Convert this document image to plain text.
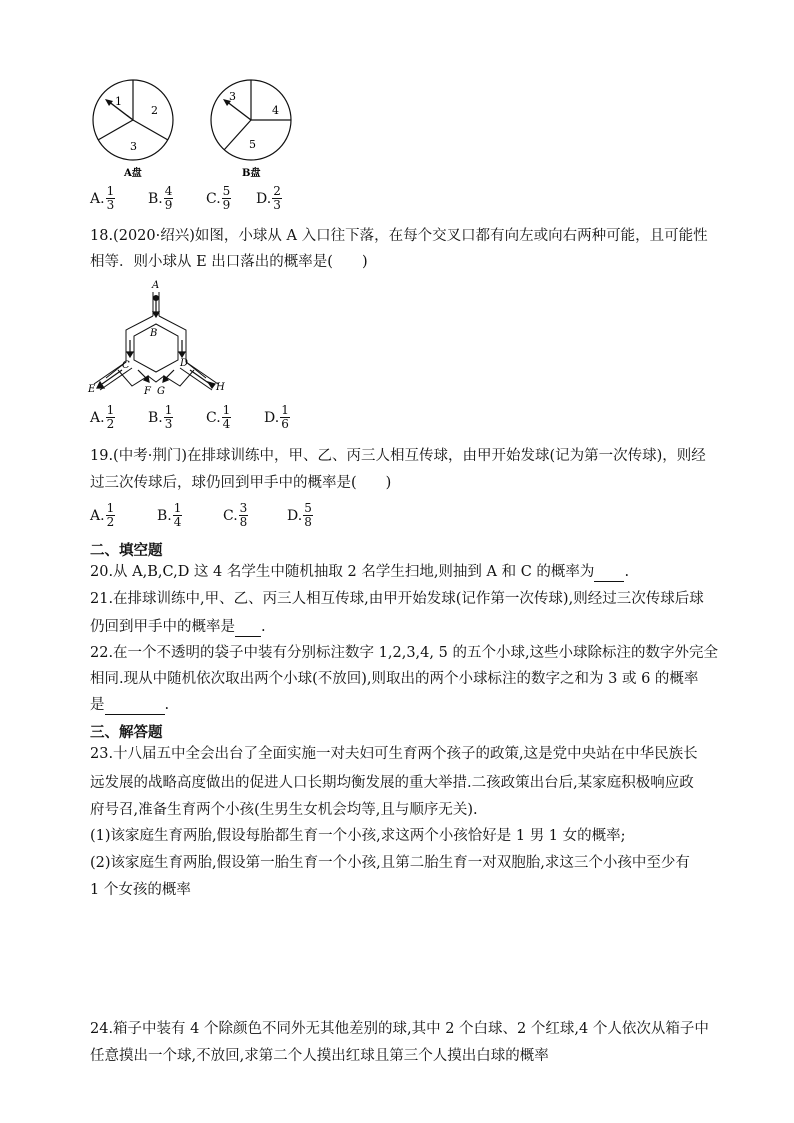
1
2
3
A盘
3
4
5
B盘
A. $\frac{1}{3} B$. $\frac{4}{9} C$. $\frac{5}{9} D$. $\frac{2}{3}$
18.(2020·绍兴)如图，小球从 A 入口往下落，在每个交叉口都有向左或向右两种可能，且可能性
相等．则小球从 E 出口落出的概率是(　　)
A
B
C	D
E	F G	H
A. $\frac{1}{2} B$. $\frac{1}{3} C$. $\frac{1}{4} D$. $\frac{1}{6}$
19.(中考·荆门)在排球训练中，甲、乙、丙三人相互传球，由甲开始发球(记为第一次传球)，则经
过三次传球后，球仍回到甲手中的概率是(　　)
A. $\frac{1}{2}$	B. $\frac{1}{4}$	C. $\frac{3}{8}$	D. $\frac{5}{8}$
二、填空题
20.从 A,B,C,D 这 4 名学生中随机抽取 2 名学生扫地,则抽到 A 和 C 的概率为 .
21.在排球训练中,甲、乙、丙三人相互传球,由甲开始发球(记作第一次传球),则经过三次传球后球
仍回到甲手中的概率是 .
22.在一个不透明的袋子中装有分别标注数字 1,2,3,4, 5 的五个小球,这些小球除标注的数字外完全
相同.现从中随机依次取出两个小球(不放回),则取出的两个小球标注的数字之和为 3 或 6 的概率
是	.
三、解答题
23.十八届五中全会出台了全面实施一对夫妇可生育两个孩子的政策,这是党中央站在中华民族长
远发展的战略高度做出的促进人口长期均衡发展的重大举措.二孩政策出台后,某家庭积极响应政
府号召,准备生育两个小孩(生男生女机会均等,且与顺序无关).
(1)该家庭生育两胎,假设每胎都生育一个小孩,求这两个小孩恰好是 1 男 1 女的概率;
(2)该家庭生育两胎,假设第一胎生育一个小孩,且第二胎生育一对双胞胎,求这三个小孩中至少有
1 个女孩的概率
24.箱子中装有 4 个除颜色不同外无其他差别的球,其中 2 个白球、2 个红球,4 个人依次从箱子中
任意摸出一个球,不放回,求第二个人摸出红球且第三个人摸出白球的概率
